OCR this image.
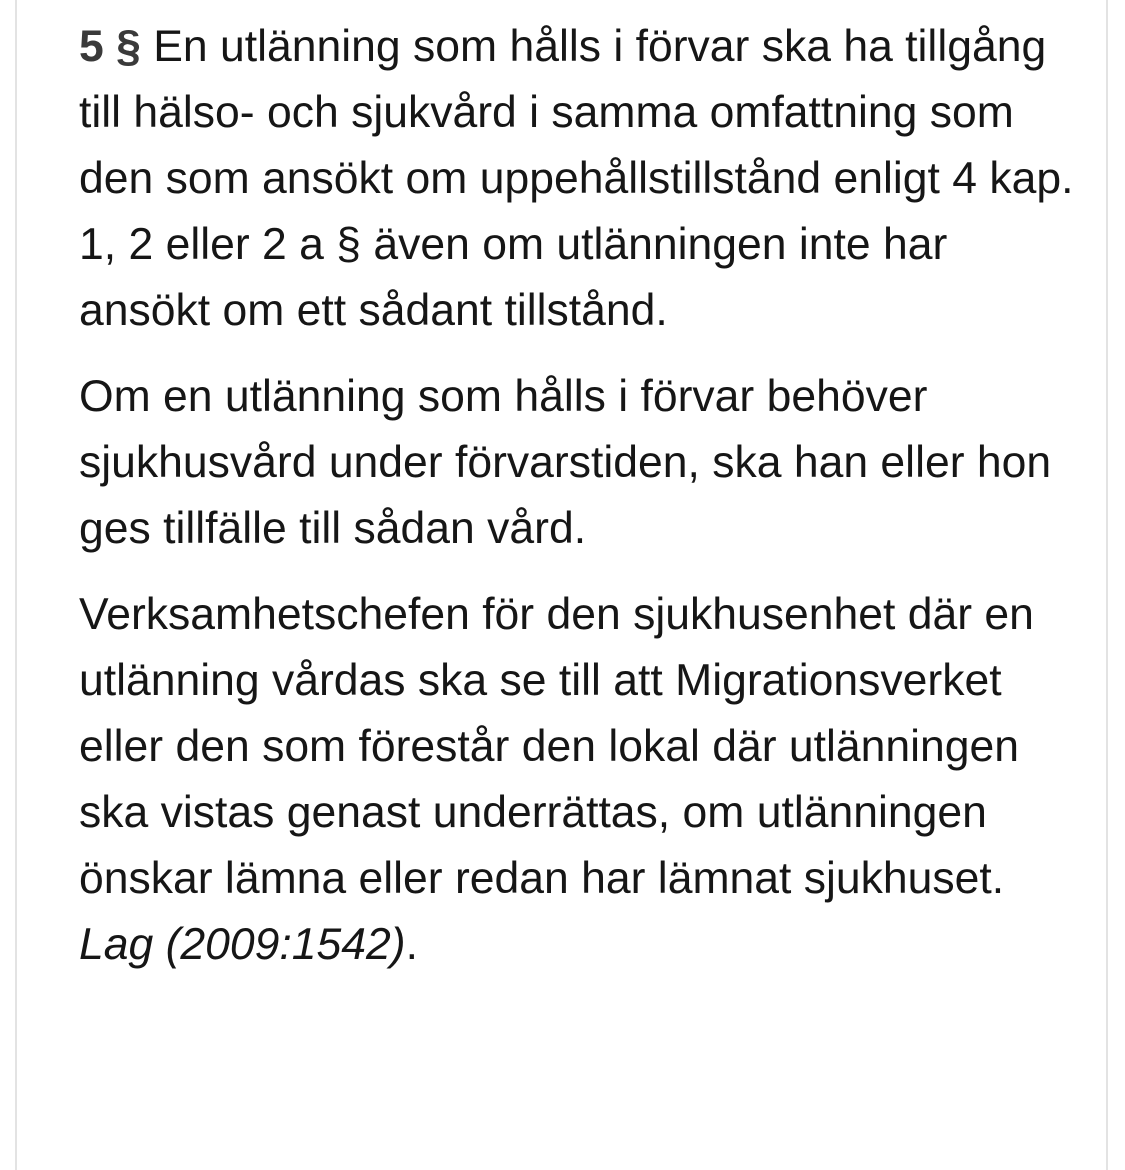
5 § En utlänning som hålls i förvar ska ha tillgång till hälso- och sjukvård i samma omfattning som den som ansökt om uppehållstillstånd enligt 4 kap. 1, 2 eller 2 a § även om utlänningen inte har ansökt om ett sådant tillstånd.

Om en utlänning som hålls i förvar behöver sjukhusvård under förvarstiden, ska han eller hon ges tillfälle till sådan vård.

Verksamhetschefen för den sjukhusenhet där en utlänning vårdas ska se till att Migrationsverket eller den som förestår den lokal där utlänningen ska vistas genast underrättas, om utlänningen önskar lämna eller redan har lämnat sjukhuset. Lag (2009:1542).
